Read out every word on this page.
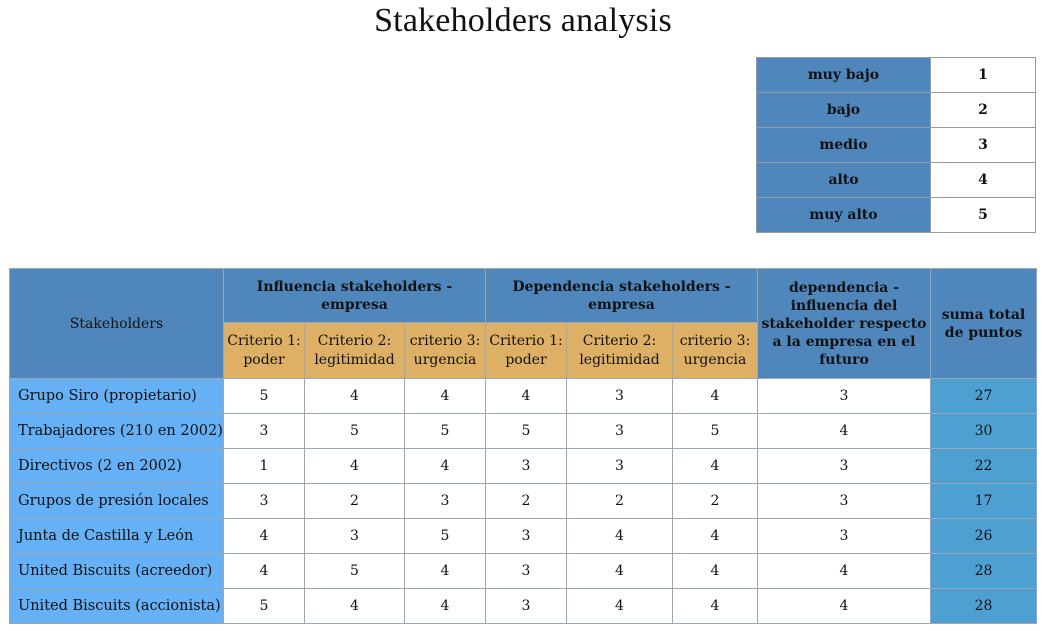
Stakeholders analysis
muy bajo	1
bajo	2
medio	3
alto	4
muy alto	5
Stakeholders	Influencia stakeholders - empresa			Dependencia stakeholders - empresa			dependencia - influencia del stakeholder respecto a la empresa en el futuro	suma total de puntos
	Criterio 1: poder	Criterio 2: legitimidad	criterio 3: urgencia	Criterio 1: poder	Criterio 2: legitimidad	criterio 3: urgencia		
Grupo Siro (propietario)	5	4	4	4	3	4	3	27
Trabajadores (210 en 2002)	3	5	5	5	3	5	4	30
Directivos (2 en 2002)	1	4	4	3	3	4	3	22
Grupos de presión locales	3	2	3	2	2	2	3	17
Junta de Castilla y León	4	3	5	3	4	4	3	26
United Biscuits (acreedor)	4	5	4	3	4	4	4	28
United Biscuits (accionista)	5	4	4	3	4	4	4	28
